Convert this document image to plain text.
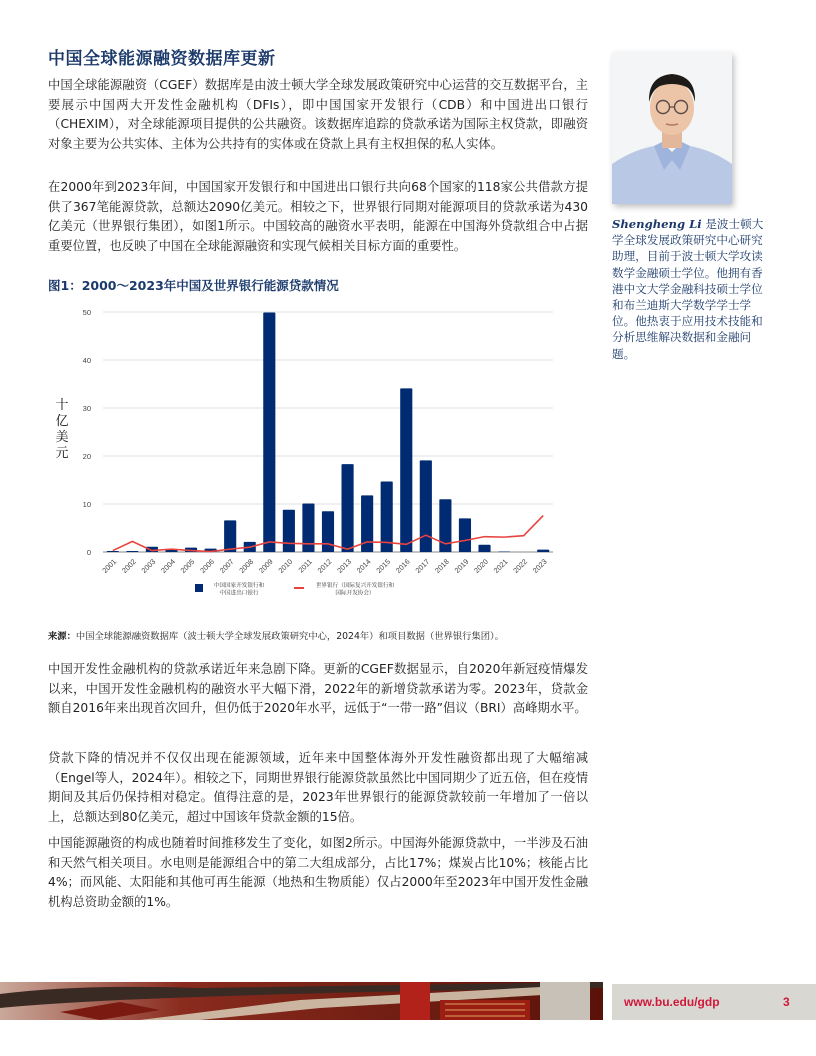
中国全球能源融资数据库更新

中国全球能源融资（CGEF）数据库是由波士顿大学全球发展政策研究中心运营的交互数据平台，主要展示中国两大开发性金融机构（DFIs），即中国国家开发银行（CDB）和中国进出口银行（CHEXIM），对全球能源项目提供的公共融资。该数据库追踪的贷款承诺为国际主权贷款，即融资对象主要为公共实体、主体为公共持有的实体或在贷款上具有主权担保的私人实体。

在2000年到2023年间，中国国家开发银行和中国进出口银行共向68个国家的118家公共借款方提供了367笔能源贷款，总额达2090亿美元。相较之下，世界银行同期对能源项目的贷款承诺为430亿美元（世界银行集团），如图1所示。中国较高的融资水平表明，能源在中国海外贷款组合中占据重要位置，也反映了中国在全球能源融资和实现气候相关目标方面的重要性。

图1：2000～2023年中国及世界银行能源贷款情况
0
10
20
30
40
50
2001 2002 2003 2004 2005 2006 2007 2008 2009 2010 2011 2012 2013 2014 2015 2016 2017 2018 2019 2020 2021 2022 2023
中国国家开发银行和
中国进出口银行
世界银行（国际复兴开发银行和
国际开发协会）
十亿美元
来源：中国全球能源融资数据库（波士顿大学全球发展政策研究中心，2024年）和项目数据（世界银行集团）。

中国开发性金融机构的贷款承诺近年来急剧下降。更新的CGEF数据显示，自2020年新冠疫情爆发以来，中国开发性金融机构的融资水平大幅下滑，2022年的新增贷款承诺为零。2023年，贷款金额自2016年来出现首次回升，但仍低于2020年水平，远低于“一带一路”倡议（BRI）高峰期水平。

贷款下降的情况并不仅仅出现在能源领域，近年来中国整体海外开发性融资都出现了大幅缩减（Engel等人，2024年）。相较之下，同期世界银行能源贷款虽然比中国同期少了近五倍，但在疫情期间及其后仍保持相对稳定。值得注意的是，2023年世界银行的能源贷款较前一年增加了一倍以上，总额达到80亿美元，超过中国该年贷款金额的15倍。

中国能源融资的构成也随着时间推移发生了变化，如图2所示。中国海外能源贷款中，一半涉及石油和天然气相关项目。水电则是能源组合中的第二大组成部分，占比17%；煤炭占比10%；核能占比4%；而风能、太阳能和其他可再生能源（地热和生物质能）仅占2000年至2023年中国开发性金融机构总资助金额的1%。

Shengheng Li 是波士顿大学全球发展政策研究中心研究助理，目前于波士顿大学攻读数学金融硕士学位。他拥有香港中文大学金融科技硕士学位和布兰迪斯大学数学学士学位。他热衷于应用技术技能和分析思维解决数据和金融问题。
www.bu.edu/gdp	3
